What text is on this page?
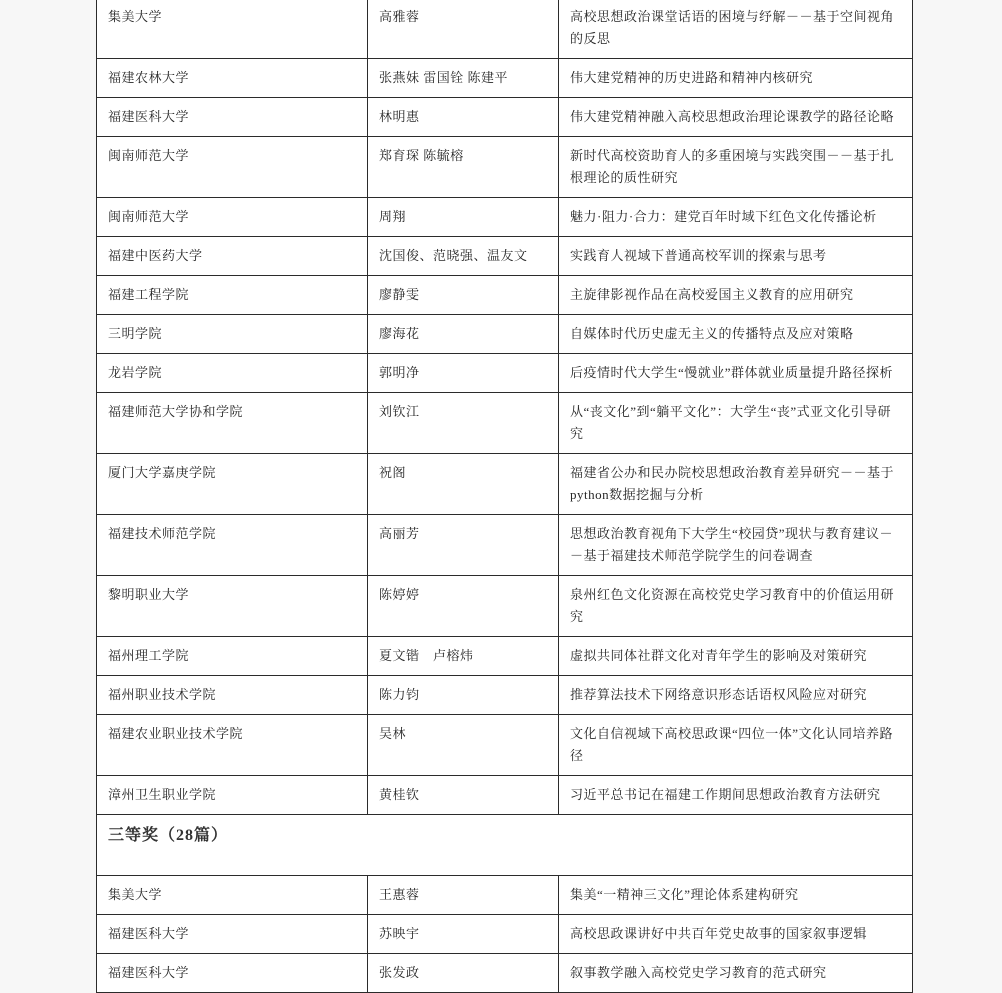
集美大学	高雅蓉	高校思想政治课堂话语的困境与纾解－－基于空间视角的反思
福建农林大学	张燕妹 雷国铨 陈建平	伟大建党精神的历史进路和精神内核研究
福建医科大学	林明惠	伟大建党精神融入高校思想政治理论课教学的路径论略
闽南师范大学	郑育琛 陈毓榕	新时代高校资助育人的多重困境与实践突围－－基于扎根理论的质性研究
闽南师范大学	周翔	魅力·阻力·合力：建党百年时域下红色文化传播论析
福建中医药大学	沈国俊、范晓强、温友文	实践育人视域下普通高校军训的探索与思考
福建工程学院	廖静雯	主旋律影视作品在高校爱国主义教育的应用研究
三明学院	廖海花	自媒体时代历史虚无主义的传播特点及应对策略
龙岩学院	郭明净	后疫情时代大学生“慢就业”群体就业质量提升路径探析
福建师范大学协和学院	刘钦江	从“丧文化”到“躺平文化”：大学生“丧”式亚文化引导研究
厦门大学嘉庚学院	祝阁	福建省公办和民办院校思想政治教育差异研究－－基于python数据挖掘与分析
福建技术师范学院	高丽芳	思想政治教育视角下大学生“校园贷”现状与教育建议－－基于福建技术师范学院学生的问卷调查
黎明职业大学	陈婷婷	泉州红色文化资源在高校党史学习教育中的价值运用研究
福州理工学院	夏文锴　卢榕炜	虚拟共同体社群文化对青年学生的影响及对策研究
福州职业技术学院	陈力钧	推荐算法技术下网络意识形态话语权风险应对研究
福建农业职业技术学院	吴林	文化自信视域下高校思政课“四位一体”文化认同培养路径
漳州卫生职业学院	黄桂钦	习近平总书记在福建工作期间思想政治教育方法研究
三等奖（28篇）		
集美大学	王惠蓉	集美“一精神三文化”理论体系建构研究
福建医科大学	苏映宇	高校思政课讲好中共百年党史故事的国家叙事逻辑
福建医科大学	张发政	叙事教学融入高校党史学习教育的范式研究
